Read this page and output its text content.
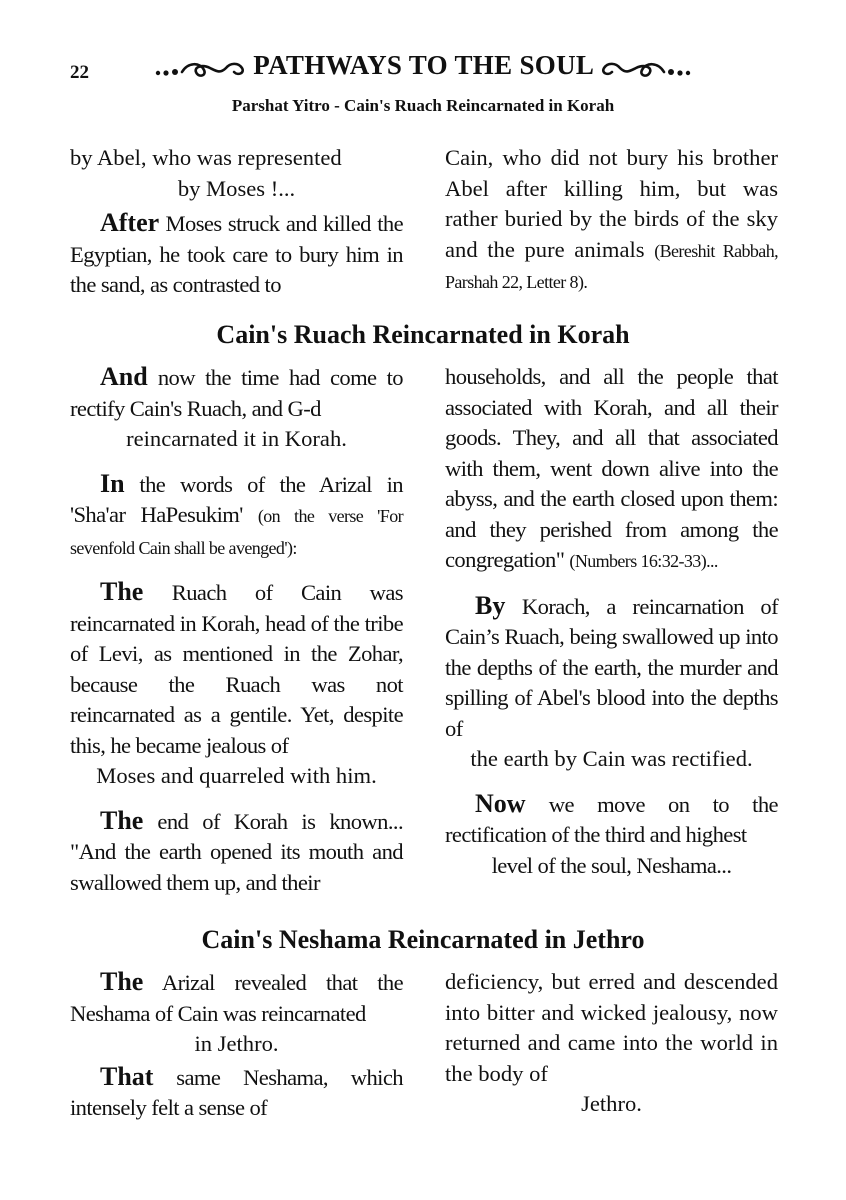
22	PATHWAYS TO THE SOUL
Parshat Yitro - Cain's Ruach Reincarnated in Korah

by Abel, who was represented

by Moses !...

After Moses struck and killed the Egyptian, he took care to bury him in the sand, as contrasted to

Cain, who did not bury his brother Abel after killing him, but was rather buried by the birds of the sky and the pure animals (Bereshit Rabbah, Parshah 22, Letter 8).

Cain's Ruach Reincarnated in Korah

And now the time had come to rectify Cain's Ruach, and G-d

reincarnated it in Korah.

In the words of the Arizal in 'Sha'ar HaPesukim' (on the verse 'For sevenfold Cain shall be avenged'):

The Ruach of Cain was reincarnated in Korah, head of the tribe of Levi, as mentioned in the Zohar, because the Ruach was not reincarnated as a gentile. Yet, despite this, he became jealous of

Moses and quarreled with him.

The end of Korah is known... "And the earth opened its mouth and swallowed them up, and their

households, and all the people that associated with Korah, and all their goods. They, and all that associated with them, went down alive into the abyss, and the earth closed upon them: and they perished from among the congregation" (Numbers 16:32-33)...

By Korach, a reincarnation of Cain’s Ruach, being swallowed up into the depths of the earth, the murder and spilling of Abel's blood into the depths of

the earth by Cain was rectified.

Now we move on to the rectification of the third and highest

level of the soul, Neshama...

Cain's Neshama Reincarnated in Jethro

The Arizal revealed that the Neshama of Cain was reincarnated

in Jethro.

That same Neshama, which intensely felt a sense of

deficiency, but erred and descended into bitter and wicked jealousy, now returned and came into the world in the body of

Jethro.
